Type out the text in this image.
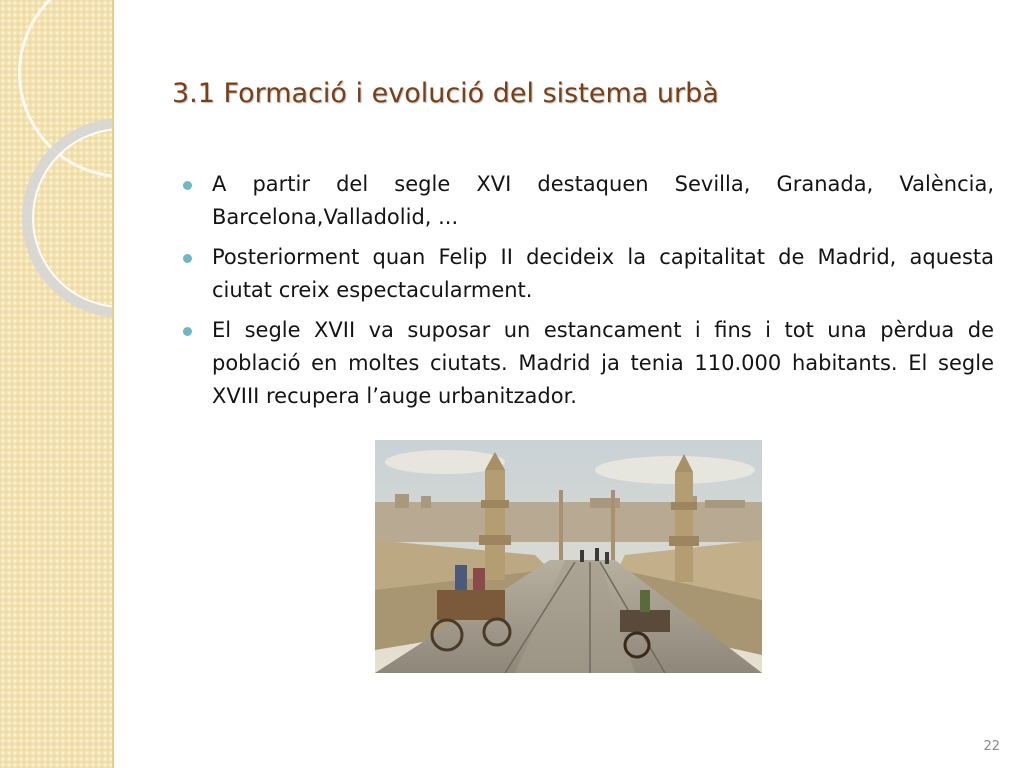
3.1 Formació i evolució del sistema urbà
A partir del segle XVI destaquen Sevilla, Granada, València, Barcelona,Valladolid, ...
Posteriorment quan Felip II decideix la capitalitat de Madrid, aquesta ciutat creix espectacularment.
El segle XVII va suposar un estancament i fins i tot una pèrdua de població en moltes ciutats. Madrid ja tenia 110.000 habitants. El segle XVIII recupera l’auge urbanitzador.
22
